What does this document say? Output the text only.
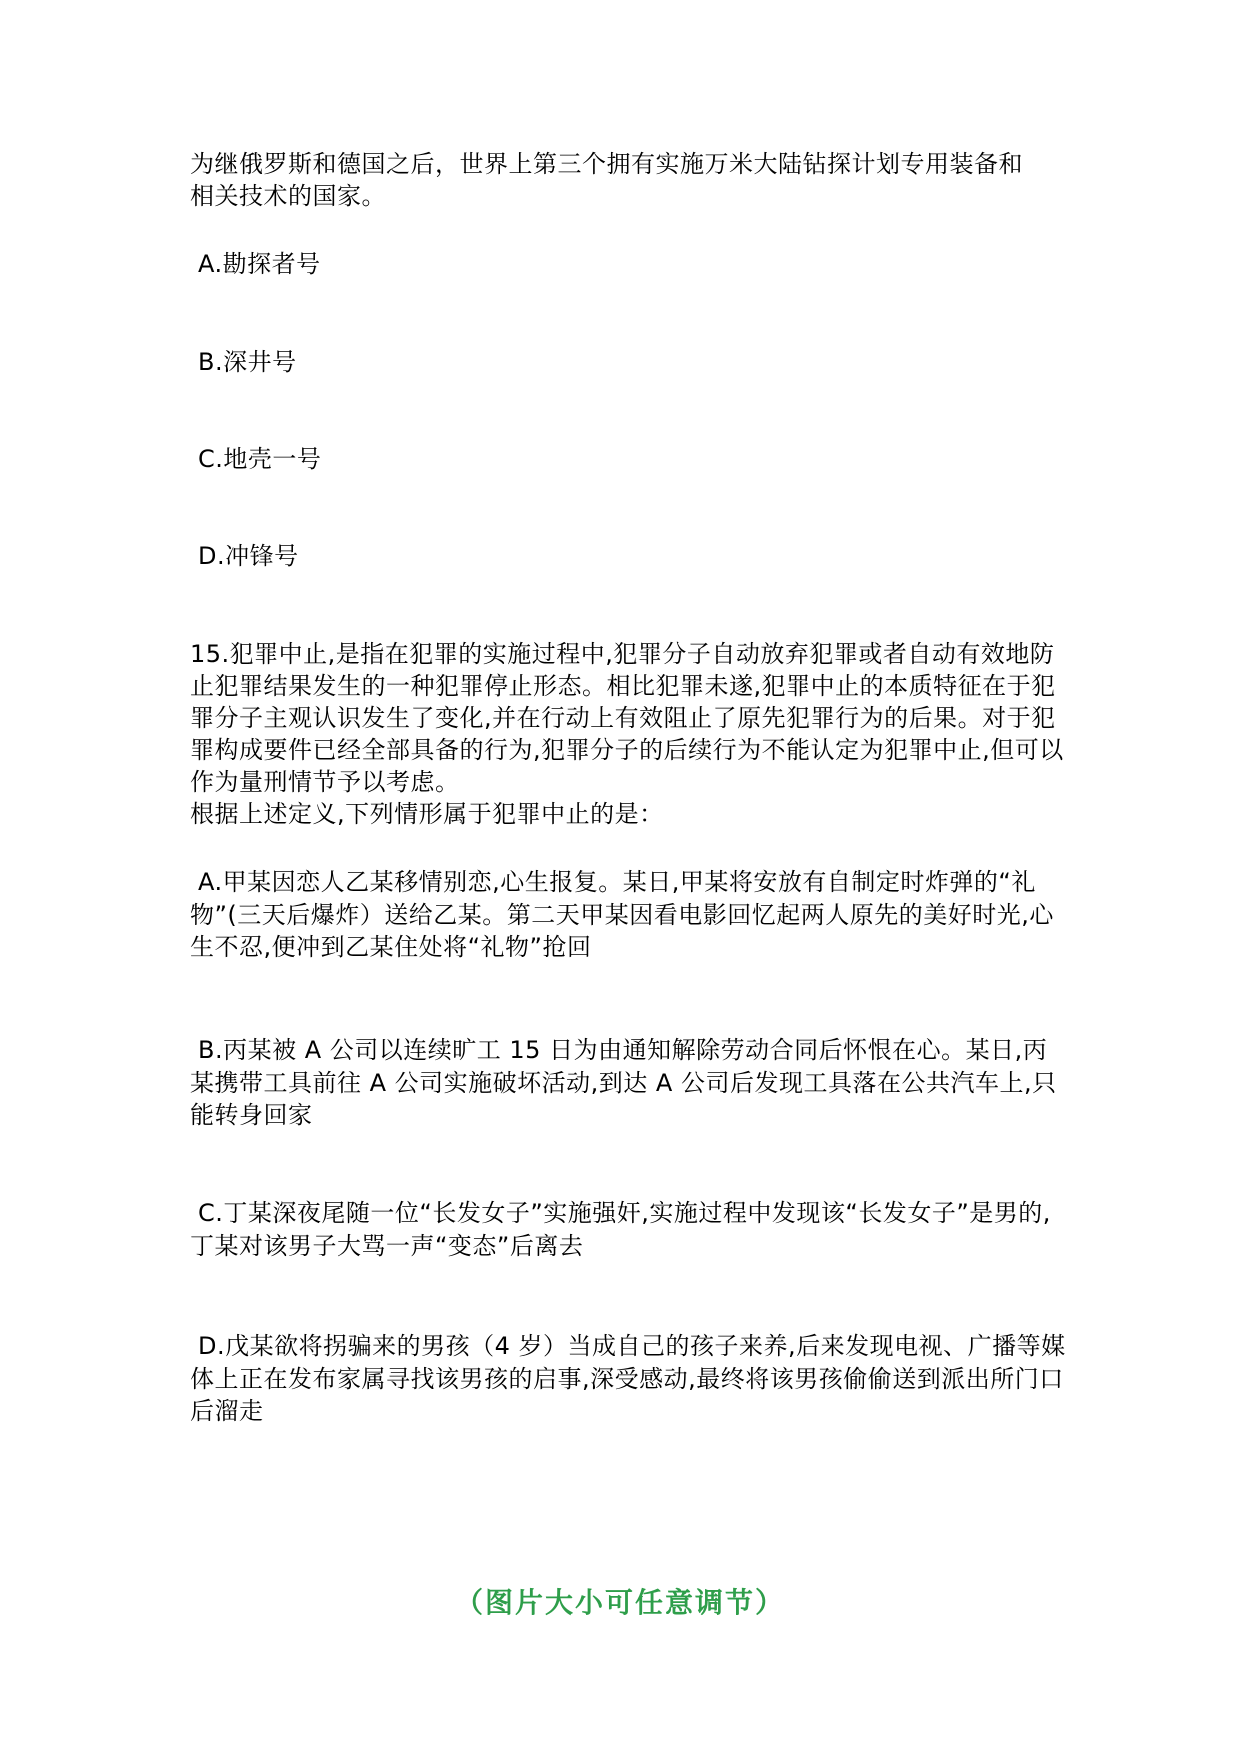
为继俄罗斯和德国之后，世界上第三个拥有实施万米大陆钻探计划专用装备和
相关技术的国家。
A.勘探者号
B.深井号
C.地壳一号
D.冲锋号
15.犯罪中止,是指在犯罪的实施过程中,犯罪分子自动放弃犯罪或者自动有效地防止犯罪结果发生的一种犯罪停止形态。相比犯罪未遂,犯罪中止的本质特征在于犯罪分子主观认识发生了变化,并在行动上有效阻止了原先犯罪行为的后果。对于犯罪构成要件已经全部具备的行为,犯罪分子的后续行为不能认定为犯罪中止,但可以作为量刑情节予以考虑。
根据上述定义,下列情形属于犯罪中止的是：
A.甲某因恋人乙某移情别恋,心生报复。某日,甲某将安放有自制定时炸弹的“礼物”(三天后爆炸）送给乙某。第二天甲某因看电影回忆起两人原先的美好时光,心生不忍,便冲到乙某住处将“礼物”抢回
B.丙某被 A 公司以连续旷工 15 日为由通知解除劳动合同后怀恨在心。某日,丙某携带工具前往 A 公司实施破坏活动,到达 A 公司后发现工具落在公共汽车上,只能转身回家
C.丁某深夜尾随一位“长发女子”实施强奸,实施过程中发现该“长发女子”是男的,丁某对该男子大骂一声“变态”后离去
D.戊某欲将拐骗来的男孩（4 岁）当成自己的孩子来养,后来发现电视、广播等媒体上正在发布家属寻找该男孩的启事,深受感动,最终将该男孩偷偷送到派出所门口后溜走
（图片大小可任意调节）
